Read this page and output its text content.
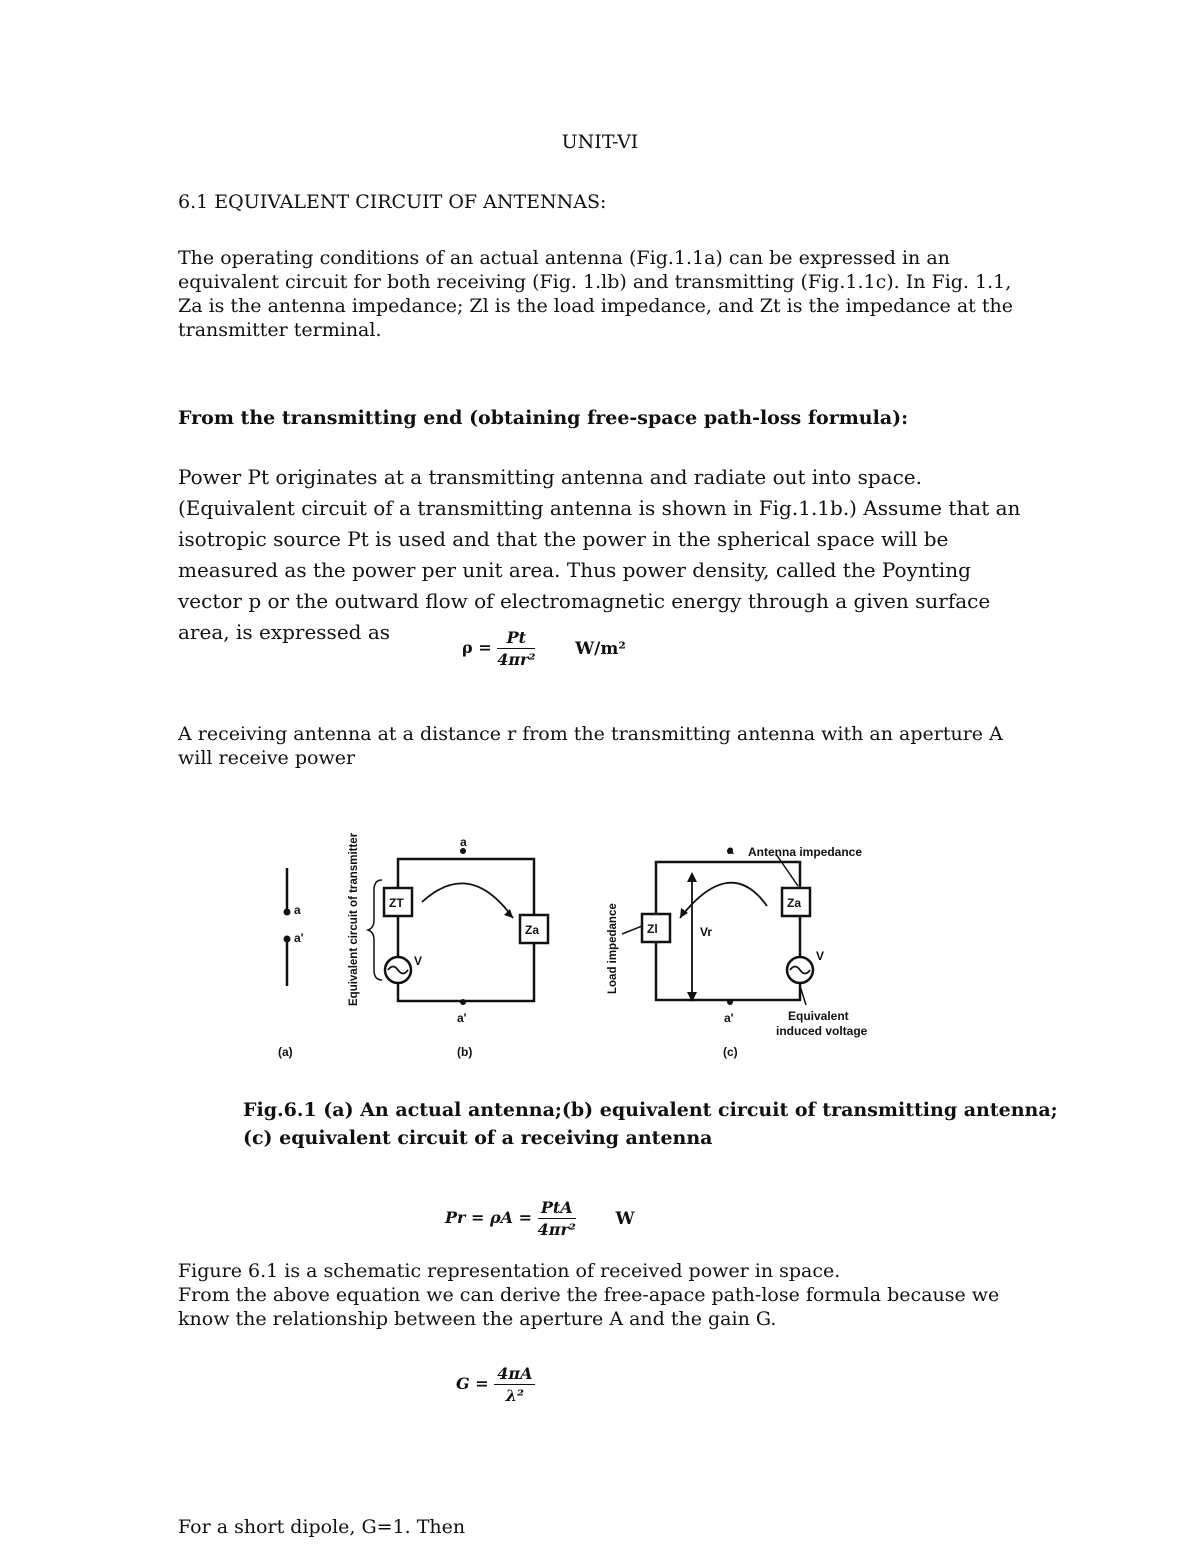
UNIT-VI
6.1 EQUIVALENT CIRCUIT OF ANTENNAS:

The operating conditions of an actual antenna (Fig.1.1a) can be expressed in an equivalent circuit for both receiving (Fig. 1.lb) and transmitting (Fig.1.1c). In Fig. 1.1, Za is the antenna impedance; Zl is the load impedance, and Zt is the impedance at the transmitter terminal.

From the transmitting end (obtaining free-space path-loss formula):

Power Pt originates at a transmitting antenna and radiate out into space. (Equivalent circuit of a transmitting antenna is shown in Fig.1.1b.) Assume that an isotropic source Pt is used and that the power in the spherical space will be measured as the power per unit area. Thus power density, called the Poynting vector p or the outward flow of electromagnetic energy through a given surface area, is expressed as

$\rho = \frac{Pt}{\text{4πr²}} W/m^2$

A receiving antenna at a distance r from the transmitting antenna with an aperture A will receive power

a
a'
a
a'
a
a'
ZT
Za	Zl
Za
V	V
Vr
Antenna impedance
Equivalent
induced voltage
(a)	(b)	(c)
Equivalent circuit of transmitter	Load impedance
Fig.6.1 (a) An actual antenna;(b) equivalent circuit of transmitting antenna;
(c) equivalent circuit of a receiving antenna
$Pr = \rho A = \frac{\text{PtA}}{\text{4πr²}}$ W

Figure 6.1 is a schematic representation of received power in space.

From the above equation we can derive the free-apace path-lose formula because we know the relationship between the aperture A and the gain G.

$G = \frac{4\pi A}{\text{λ²}}$

For a short dipole, G=1. Then
